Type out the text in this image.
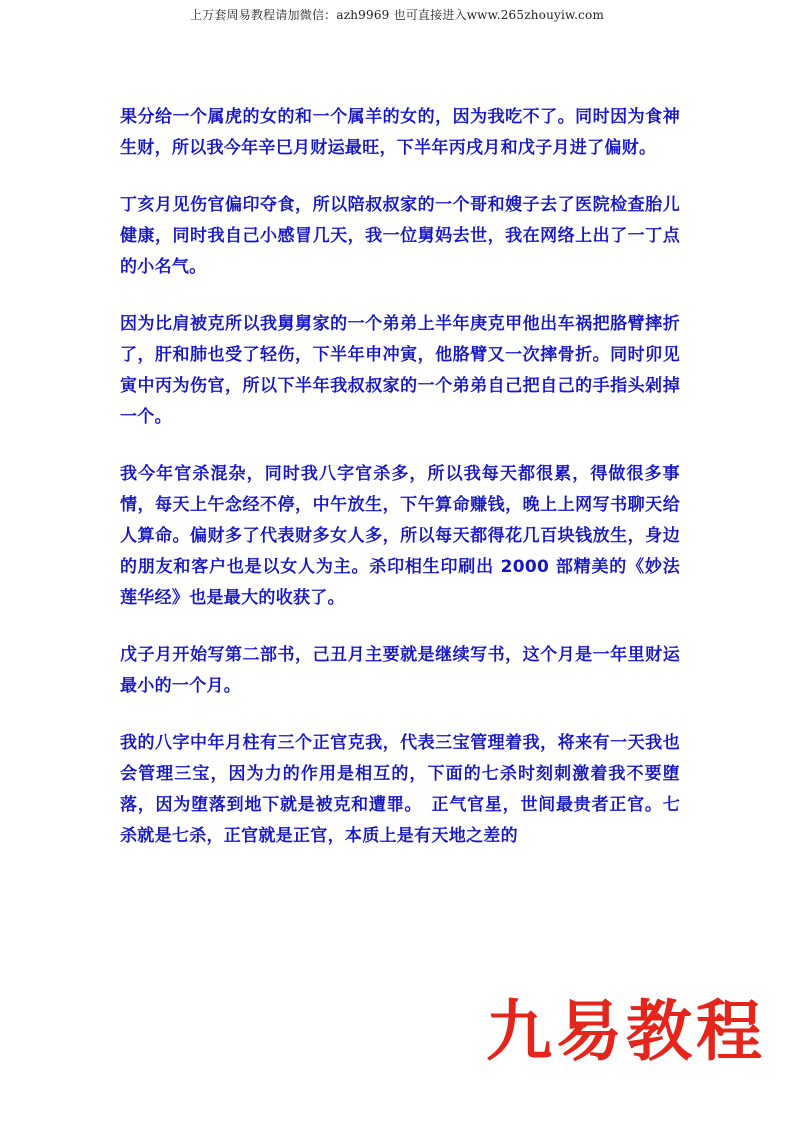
上万套周易教程请加微信：azh9969 也可直接进入www.265zhouyiw.com

果分给一个属虎的女的和一个属羊的女的，因为我吃不了。同时因为食神生财，所以我今年辛巳月财运最旺，下半年丙戌月和戊子月进了偏财。

丁亥月见伤官偏印夺食，所以陪叔叔家的一个哥和嫂子去了医院检查胎儿健康，同时我自己小感冒几天，我一位舅妈去世，我在网络上出了一丁点的小名气。

因为比肩被克所以我舅舅家的一个弟弟上半年庚克甲他出车祸把胳臂摔折了，肝和肺也受了轻伤，下半年申冲寅，他胳臂又一次摔骨折。同时卯见寅中丙为伤官，所以下半年我叔叔家的一个弟弟自己把自己的手指头剁掉一个。

我今年官杀混杂，同时我八字官杀多，所以我每天都很累，得做很多事情，每天上午念经不停，中午放生，下午算命赚钱，晚上上网写书聊天给人算命。偏财多了代表财多女人多，所以每天都得花几百块钱放生，身边的朋友和客户也是以女人为主。杀印相生印刷出 2000 部精美的《妙法莲华经》也是最大的收获了。

戊子月开始写第二部书，己丑月主要就是继续写书，这个月是一年里财运最小的一个月。

我的八字中年月柱有三个正官克我，代表三宝管理着我，将来有一天我也会管理三宝，因为力的作用是相互的，下面的七杀时刻刺激着我不要堕落，因为堕落到地下就是被克和遭罪。　正气官星，世间最贵者正官。七杀就是七杀，正官就是正官，本质上是有天地之差的

九易教程
